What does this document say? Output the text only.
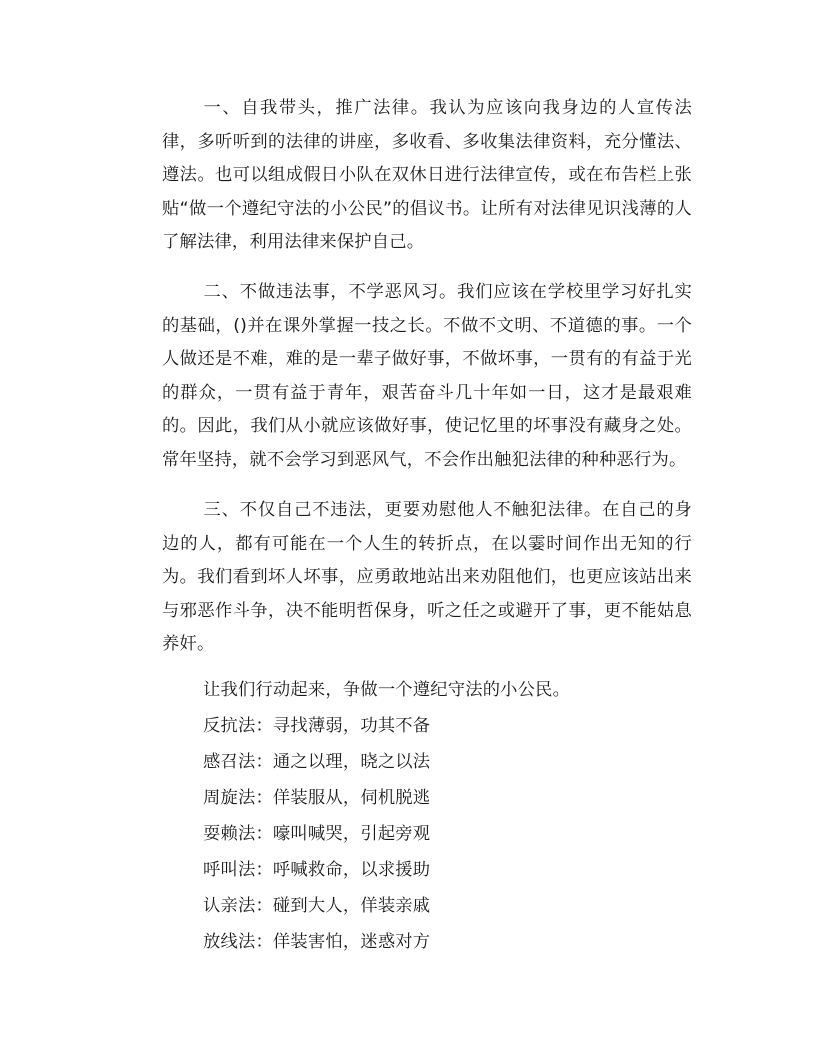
一、自我带头，推广法律。我认为应该向我身边的人宣传法律，多听听到的法律的讲座，多收看、多收集法律资料，充分懂法、遵法。也可以组成假日小队在双休日进行法律宣传，或在布告栏上张贴“做一个遵纪守法的小公民”的倡议书。让所有对法律见识浅薄的人了解法律，利用法律来保护自己。

二、不做违法事，不学恶风习。我们应该在学校里学习好扎实的基础，()并在课外掌握一技之长。不做不文明、不道德的事。一个人做还是不难，难的是一辈子做好事，不做坏事，一贯有的有益于光的群众，一贯有益于青年，艰苦奋斗几十年如一日，这才是最艰难的。因此，我们从小就应该做好事，使记忆里的坏事没有藏身之处。常年坚持，就不会学习到恶风气，不会作出触犯法律的种种恶行为。

三、不仅自己不违法，更要劝慰他人不触犯法律。在自己的身边的人，都有可能在一个人生的转折点，在以霎时间作出无知的行为。我们看到坏人坏事，应勇敢地站出来劝阻他们，也更应该站出来与邪恶作斗争，决不能明哲保身，听之任之或避开了事，更不能姑息养奸。

让我们行动起来，争做一个遵纪守法的小公民。

反抗法：寻找薄弱，功其不备

感召法：通之以理，晓之以法

周旋法：佯装服从，伺机脱逃

耍赖法：嚎叫喊哭，引起旁观

呼叫法：呼喊救命，以求援助

认亲法：碰到大人，佯装亲戚

放线法：佯装害怕，迷惑对方
